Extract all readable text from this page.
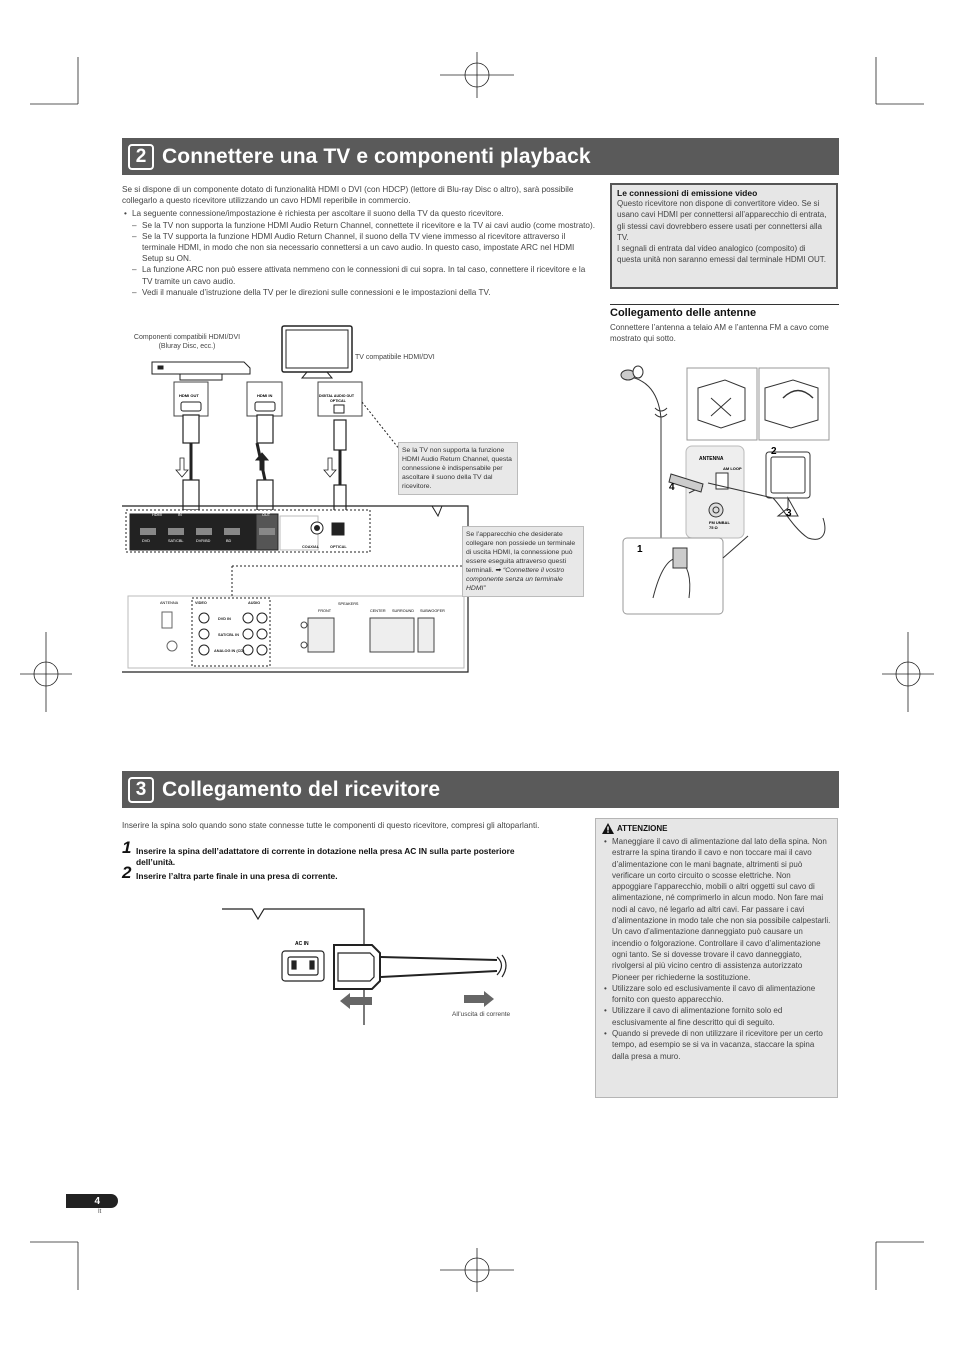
2 Connettere una TV e componenti playback

Se si dispone di un componente dotato di funzionalità HDMI o DVI (con HDCP) (lettore di Blu-ray Disc o altro), sarà possibile collegarlo a questo ricevitore utilizzando un cavo HDMI reperibile in commercio.

• La seguente connessione/impostazione è richiesta per ascoltare il suono della TV da questo ricevitore.
– Se la TV non supporta la funzione HDMI Audio Return Channel, connettete il ricevitore e la TV ai cavi audio (come mostrato).
– Se la TV supporta la funzione HDMI Audio Return Channel, il suono della TV viene immesso al ricevitore attraverso il terminale HDMI, in modo che non sia necessario connettersi a un cavo audio. In questo caso, impostate ARC nel HDMI Setup su ON.
– La funzione ARC non può essere attivata nemmeno con le connessioni di cui sopra. In tal caso, connettere il ricevitore e la TV tramite un cavo audio.
– Vedi il manuale d’istruzione della TV per le direzioni sulle connessioni e le impostazioni della TV.
Le connessioni di emissione video

Questo ricevitore non dispone di convertitore video. Se si usano cavi HDMI per connettersi all’apparecchio di entrata, gli stessi cavi dovrebbero essere usati per connettersi alla TV.

I segnali di entrata dal video analogico (composito) di questa unità non saranno emessi dal terminale HDMI OUT.

Collegamento delle antenne
Connettere l’antenna a telaio AM e l’antenna FM a cavo come mostrato qui sotto.
ANTENNA
AM LOOP
FM UNBAL
75 Ω
1
2
3
4
Componenti compatibili HDMI/DVI (Bluray Disc, ecc.)
TV compatibile HDMI/DVI
HDMI OUT	HDMI IN	DIGITAL AUDIO OUT
OPTICAL
HDMI	IN	OUT
DVD	SAT/CBL	DVR/BD	BD
COAXIAL	OPTICAL
ANTENNA	VIDEO	AUDIO
DVD IN
SAT/CBL IN
ANALOG IN (CD)
SPEAKERS
FRONT	CENTER SURROUND SUBWOOFER
Se la TV non supporta la funzione HDMI Audio Return Channel, questa connessione è indispensabile per ascoltare il suono della TV dal ricevitore.
Se l’apparecchio che desiderate collegare non possiede un terminale di uscita HDMI, la connessione può essere eseguita attraverso questi terminali. ➡ “Connettere il vostro componente senza un terminale HDMI”
3 Collegamento del ricevitore
Inserire la spina solo quando sono state connesse tutte le componenti di questo ricevitore, compresi gli altoparlanti.
1 Inserire la spina dell’adattatore di corrente in dotazione nella presa AC IN sulla parte posteriore dell’unità.
2 Inserire l’altra parte finale in una presa di corrente.
AC IN
All’uscita di corrente
ATTENZIONE
• Maneggiare il cavo di alimentazione dal lato della spina. Non estrarre la spina tirando il cavo e non toccare mai il cavo d’alimentazione con le mani bagnate, altrimenti si può verificare un corto circuito o scosse elettriche. Non appoggiare l’apparecchio, mobili o altri oggetti sul cavo di alimentazione, né comprimerlo in alcun modo. Non fare mai nodi al cavo, né legarlo ad altri cavi. Far passare i cavi d’alimentazione in modo tale che non sia possibile calpestarli. Un cavo d’alimentazione danneggiato può causare un incendio o folgorazione. Controllare il cavo d’alimentazione ogni tanto. Se si dovesse trovare il cavo danneggiato, rivolgersi al più vicino centro di assistenza autorizzato Pioneer per richiederne la sostituzione.
• Utilizzare solo ed esclusivamente il cavo di alimentazione fornito con questo apparecchio.
• Utilizzare il cavo di alimentazione fornito solo ed esclusivamente al fine descritto qui di seguito.
• Quando si prevede di non utilizzare il ricevitore per un certo tempo, ad esempio se si va in vacanza, staccare la spina dalla presa a muro.
4
It
